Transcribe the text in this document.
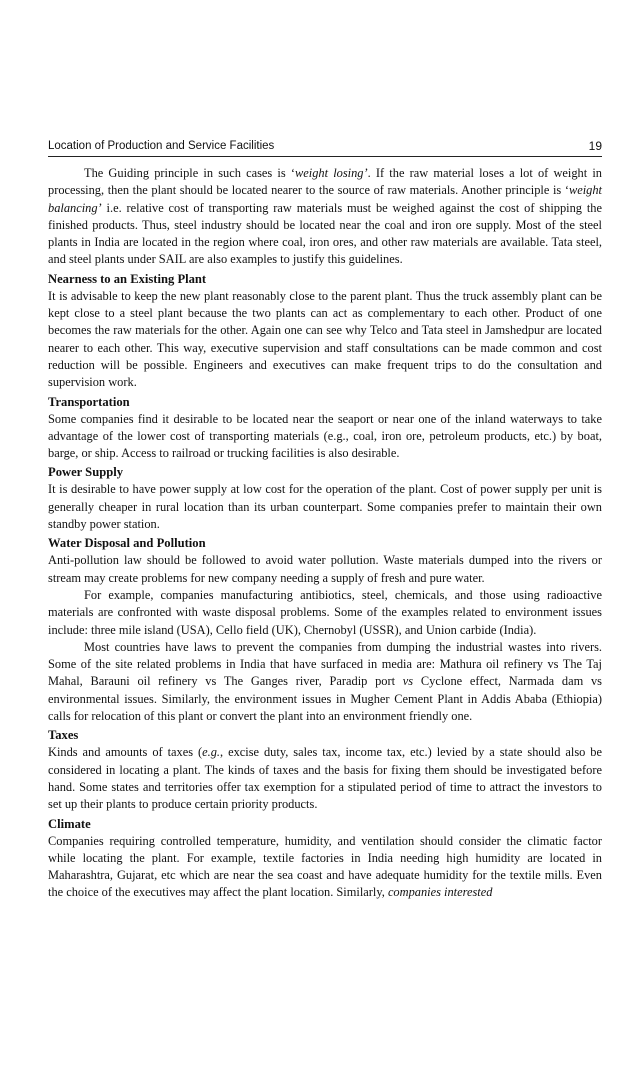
Location of Production and Service Facilities	19

The Guiding principle in such cases is ‘weight losing’. If the raw material loses a lot of weight in processing, then the plant should be located nearer to the source of raw materials. Another principle is ‘weight balancing’ i.e. relative cost of transporting raw materials must be weighed against the cost of shipping the finished products. Thus, steel industry should be located near the coal and iron ore supply. Most of the steel plants in India are located in the region where coal, iron ores, and other raw materials are available. Tata steel, and steel plants under SAIL are also examples to justify this guidelines.

Nearness to an Existing Plant

It is advisable to keep the new plant reasonably close to the parent plant. Thus the truck assembly plant can be kept close to a steel plant because the two plants can act as complementary to each other. Product of one becomes the raw materials for the other. Again one can see why Telco and Tata steel in Jamshedpur are located nearer to each other. This way, executive supervision and staff consultations can be made common and cost reduction will be possible. Engineers and executives can make frequent trips to do the consultation and supervision work.

Transportation

Some companies find it desirable to be located near the seaport or near one of the inland waterways to take advantage of the lower cost of transporting materials (e.g., coal, iron ore, petroleum products, etc.) by boat, barge, or ship. Access to railroad or trucking facilities is also desirable.

Power Supply

It is desirable to have power supply at low cost for the operation of the plant. Cost of power supply per unit is generally cheaper in rural location than its urban counterpart. Some companies prefer to maintain their own standby power station.

Water Disposal and Pollution

Anti-pollution law should be followed to avoid water pollution. Waste materials dumped into the rivers or stream may create problems for new company needing a supply of fresh and pure water.

For example, companies manufacturing antibiotics, steel, chemicals, and those using radioactive materials are confronted with waste disposal problems. Some of the examples related to environment issues include: three mile island (USA), Cello field (UK), Chernobyl (USSR), and Union carbide (India).

Most countries have laws to prevent the companies from dumping the industrial wastes into rivers. Some of the site related problems in India that have surfaced in media are: Mathura oil refinery vs The Taj Mahal, Barauni oil refinery vs The Ganges river, Paradip port vs Cyclone effect, Narmada dam vs environmental issues. Similarly, the environment issues in Mugher Cement Plant in Addis Ababa (Ethiopia) calls for relocation of this plant or convert the plant into an environment friendly one.

Taxes

Kinds and amounts of taxes (e.g., excise duty, sales tax, income tax, etc.) levied by a state should also be considered in locating a plant. The kinds of taxes and the basis for fixing them should be investigated before hand. Some states and territories offer tax exemption for a stipulated period of time to attract the investors to set up their plants to produce certain priority products.

Climate

Companies requiring controlled temperature, humidity, and ventilation should consider the climatic factor while locating the plant. For example, textile factories in India needing high humidity are located in Maharashtra, Gujarat, etc which are near the sea coast and have adequate humidity for the textile mills. Even the choice of the executives may affect the plant location. Similarly, companies interested
